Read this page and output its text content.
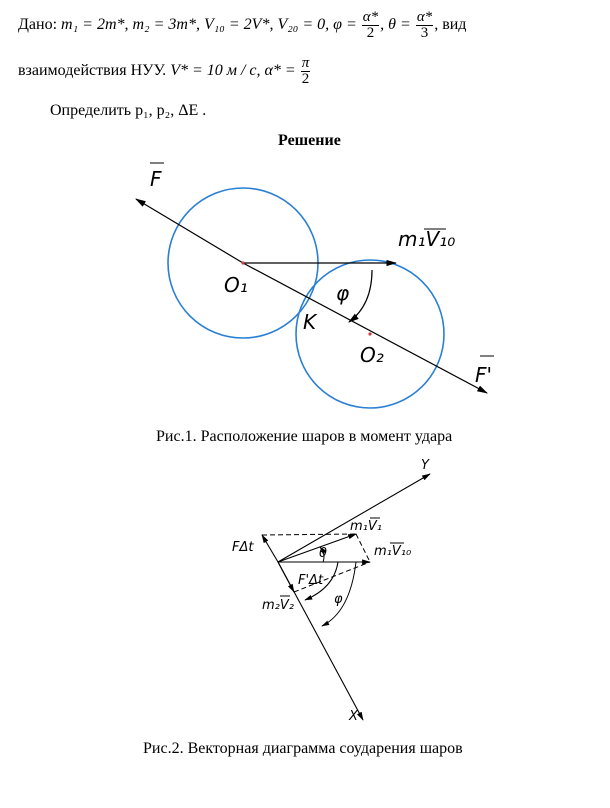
Дано: m₁ = 2m*, m₂ = 3m*, V₁₀ = 2V*, V₂₀ = 0, $\varphi = \frac{\alpha*}{2}$ , $\theta = \frac{\alpha*}{3}$ , вид
взаимодействия НУУ. V* = 10 м / с, $\alpha* = \frac{\pi}{2}$
Определить р₁, р₂, ΔE .
Решение
F
m₁V₁₀
O₁	φ
K
O₂
F'
Рис.1. Расположение шаров в момент удара
Y
m₁V₁
FΔt	θ	m₁V₁₀
F'Δt
φ
m₂V₂
X
Рис.2. Векторная диаграмма соударения шаров
